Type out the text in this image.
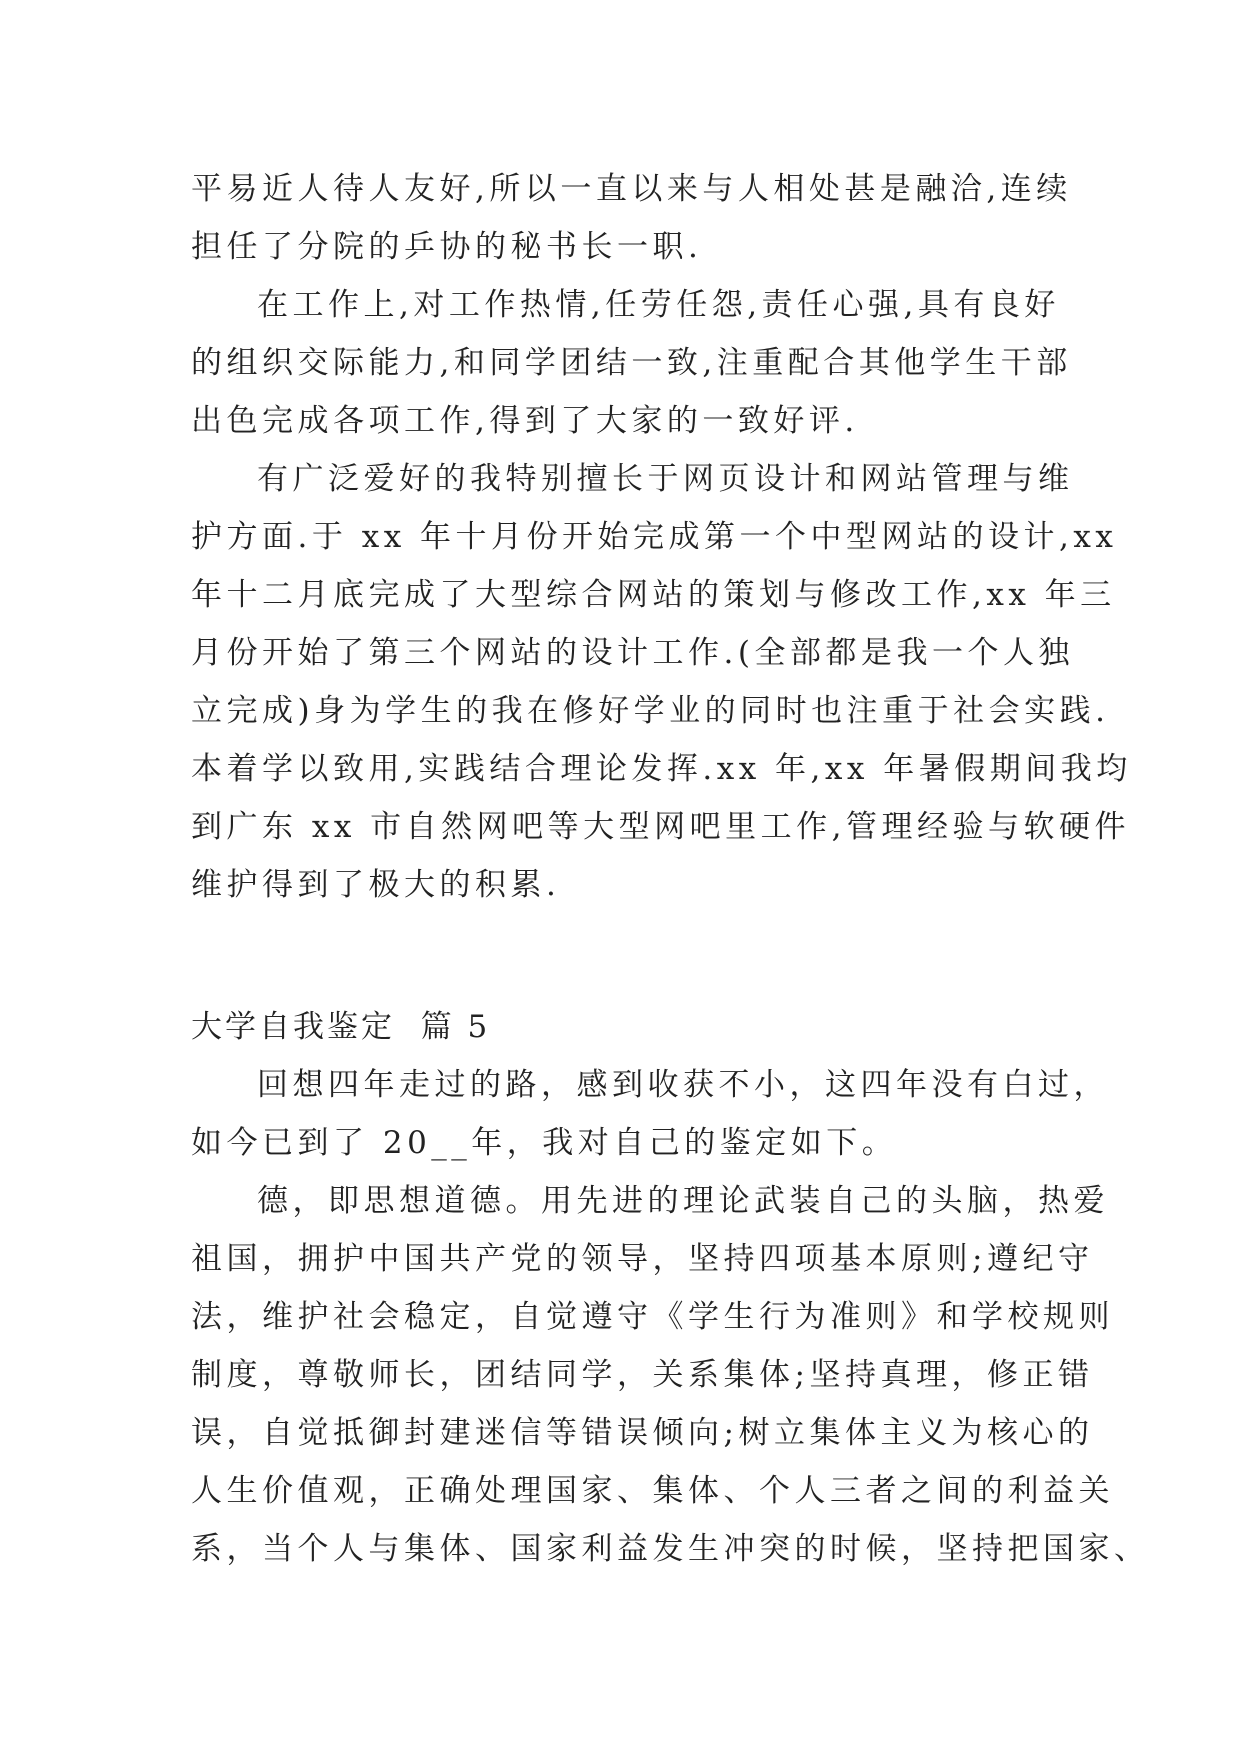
平易近人待人友好,所以一直以来与人相处甚是融洽,连续
担任了分院的乒协的秘书长一职.
在工作上,对工作热情,任劳任怨,责任心强,具有良好
的组织交际能力,和同学团结一致,注重配合其他学生干部
出色完成各项工作,得到了大家的一致好评.
有广泛爱好的我特别擅长于网页设计和网站管理与维
护方面.于 xx 年十月份开始完成第一个中型网站的设计,xx
年十二月底完成了大型综合网站的策划与修改工作,xx 年三
月份开始了第三个网站的设计工作.(全部都是我一个人独
立完成)身为学生的我在修好学业的同时也注重于社会实践.
本着学以致用,实践结合理论发挥.xx 年,xx 年暑假期间我均
到广东 xx 市自然网吧等大型网吧里工作,管理经验与软硬件
维护得到了极大的积累.
大学自我鉴定  篇 5
回想四年走过的路，感到收获不小，这四年没有白过，
如今已到了 20__年，我对自己的鉴定如下。
德，即思想道德。用先进的理论武装自己的头脑，热爱
祖国，拥护中国共产党的领导，坚持四项基本原则;遵纪守
法，维护社会稳定，自觉遵守《学生行为准则》和学校规则
制度，尊敬师长，团结同学，关系集体;坚持真理，修正错
误，自觉抵御封建迷信等错误倾向;树立集体主义为核心的
人生价值观，正确处理国家、集体、个人三者之间的利益关
系，当个人与集体、国家利益发生冲突的时候，坚持把国家、
